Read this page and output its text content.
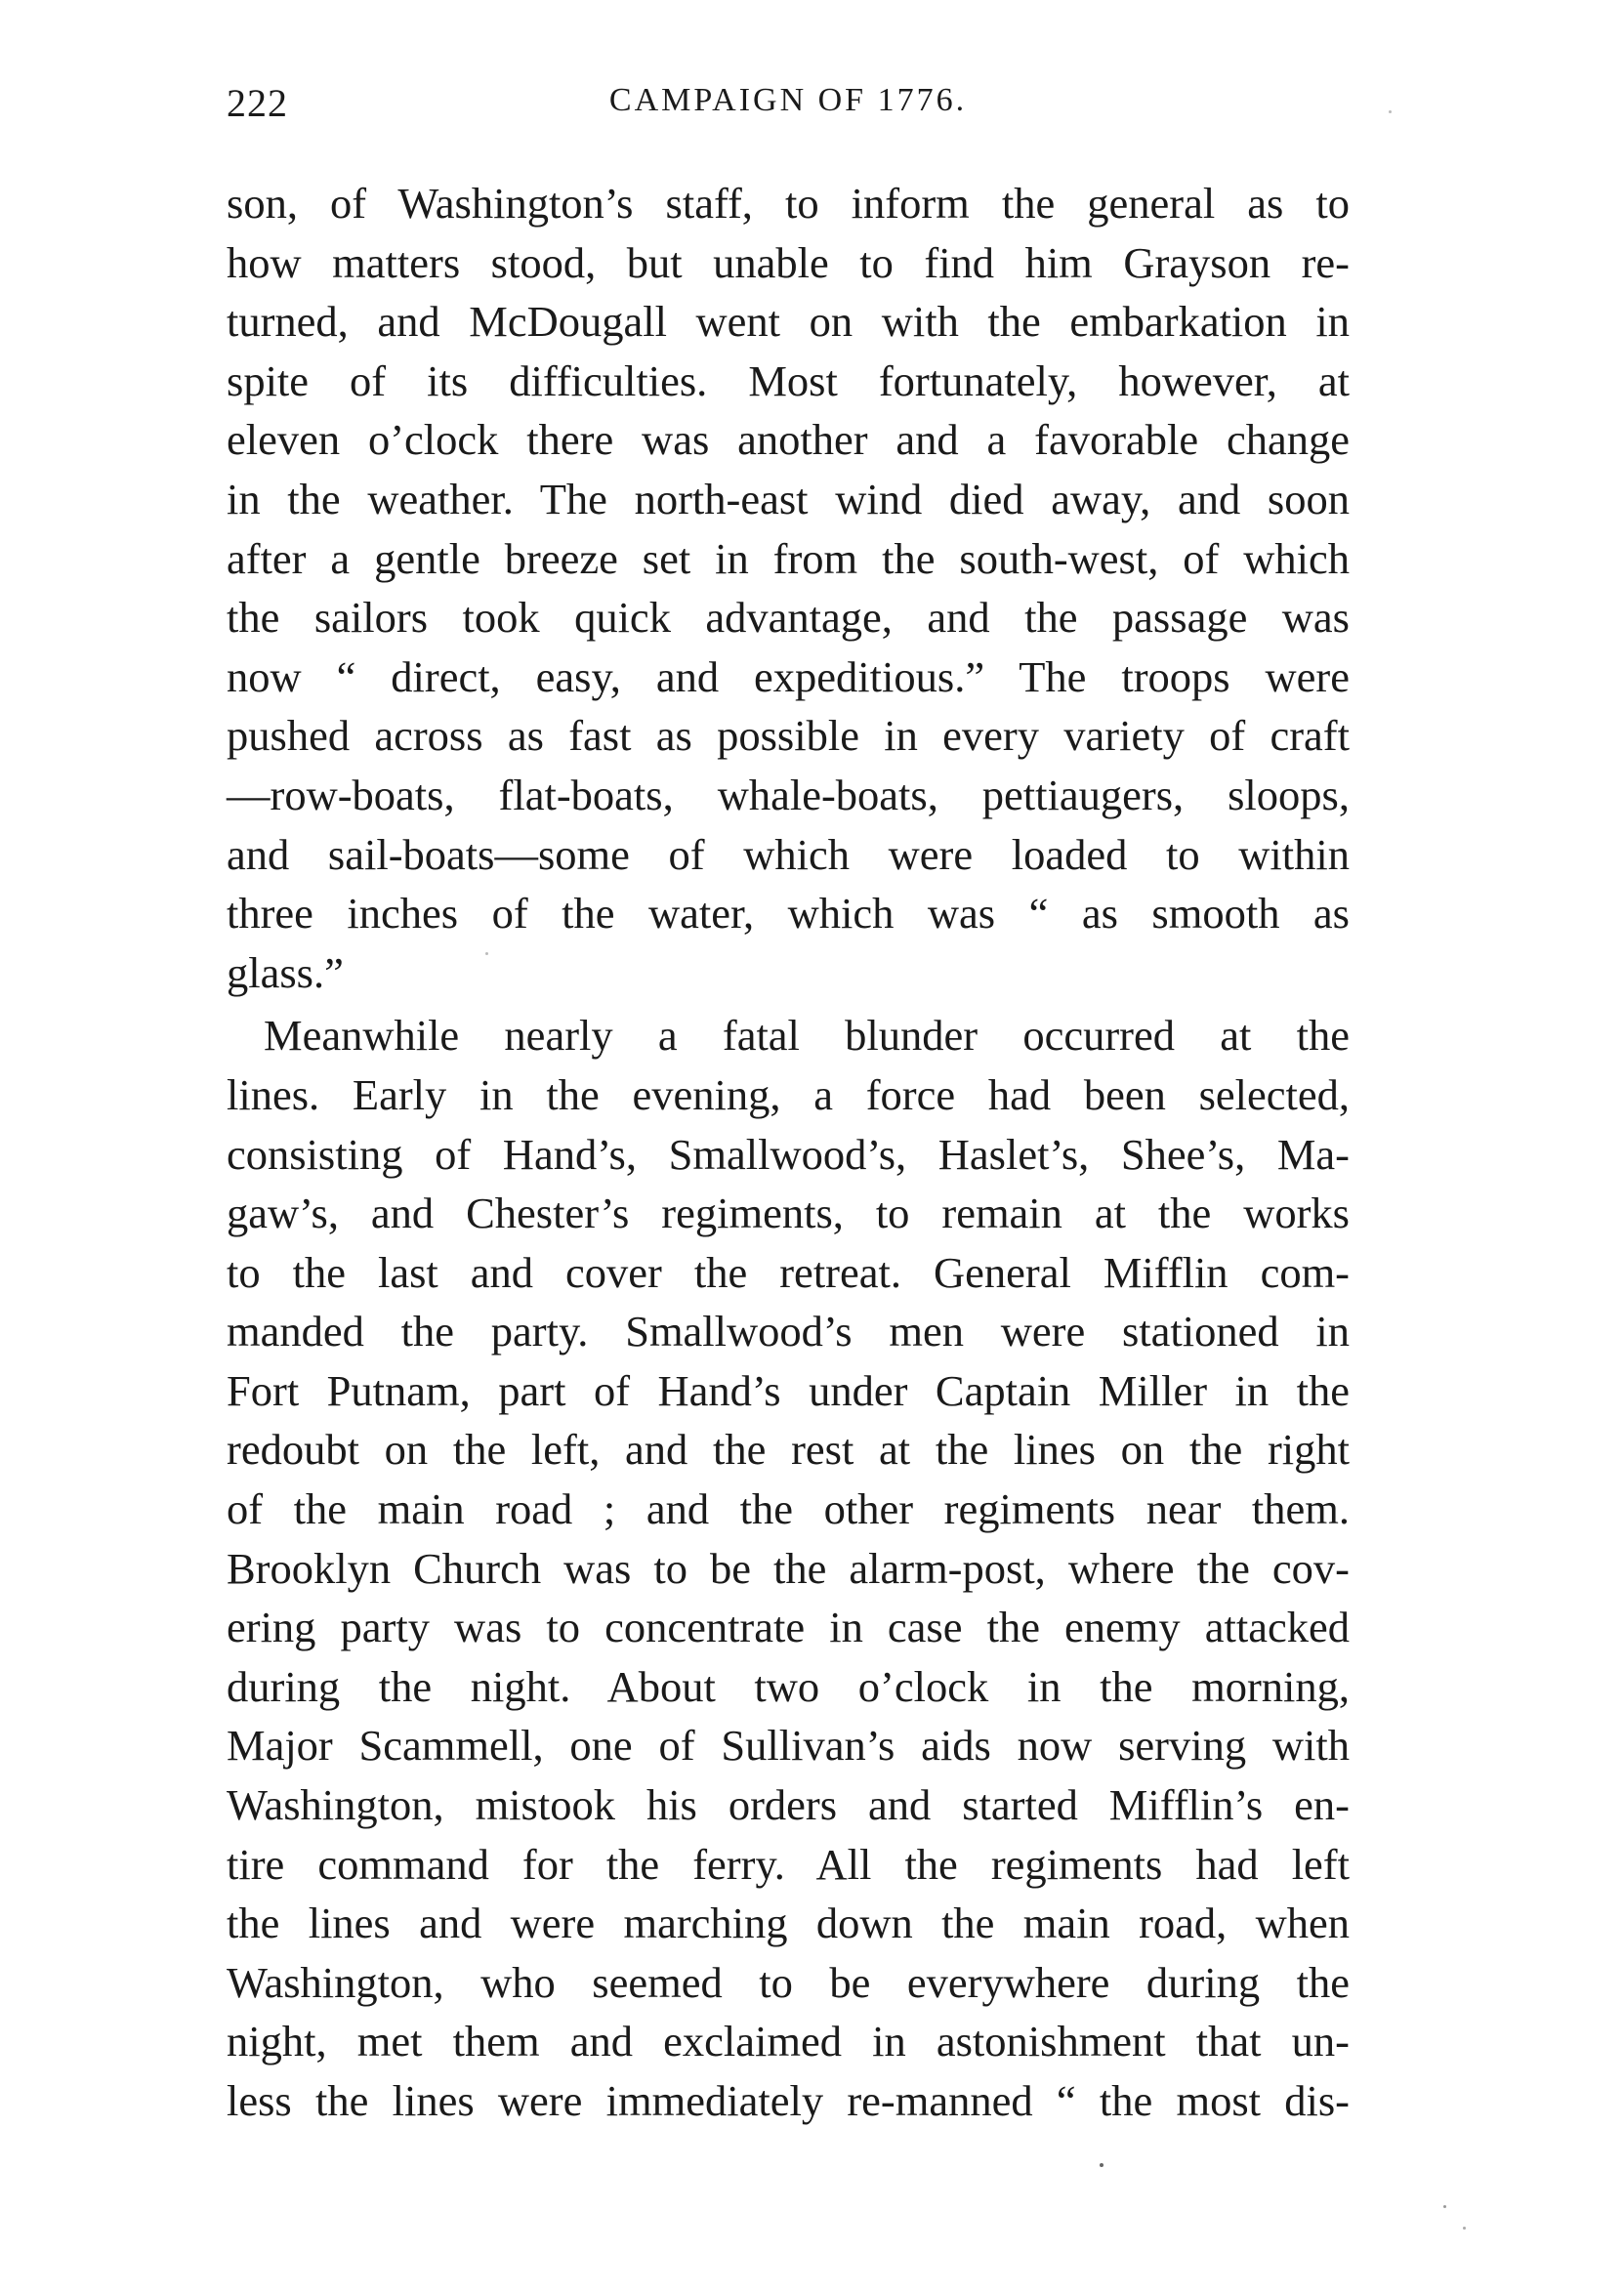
222	CAMPAIGN OF 1776.
son, of Washington’s staff, to inform the general as to
how matters stood, but unable to find him Grayson re-
turned, and McDougall went on with the embarkation in
spite of its difficulties. Most fortunately, however, at
eleven o’clock there was another and a favorable change
in the weather. The north-east wind died away, and soon
after a gentle breeze set in from the south-west, of which
the sailors took quick advantage, and the passage was
now “ direct, easy, and expeditious.” The troops were
pushed across as fast as possible in every variety of craft
—row-boats, flat-boats, whale-boats, pettiaugers, sloops,
and sail-boats—some of which were loaded to within
three inches of the water, which was “ as smooth as
glass.”
Meanwhile nearly a fatal blunder occurred at the
lines. Early in the evening, a force had been selected,
consisting of Hand’s, Smallwood’s, Haslet’s, Shee’s, Ma-
gaw’s, and Chester’s regiments, to remain at the works
to the last and cover the retreat. General Mifflin com-
manded the party. Smallwood’s men were stationed in
Fort Putnam, part of Hand’s under Captain Miller in the
redoubt on the left, and the rest at the lines on the right
of the main road ; and the other regiments near them.
Brooklyn Church was to be the alarm-post, where the cov-
ering party was to concentrate in case the enemy attacked
during the night. About two o’clock in the morning,
Major Scammell, one of Sullivan’s aids now serving with
Washington, mistook his orders and started Mifflin’s en-
tire command for the ferry. All the regiments had left
the lines and were marching down the main road, when
Washington, who seemed to be everywhere during the
night, met them and exclaimed in astonishment that un-
less the lines were immediately re-manned “ the most dis-
